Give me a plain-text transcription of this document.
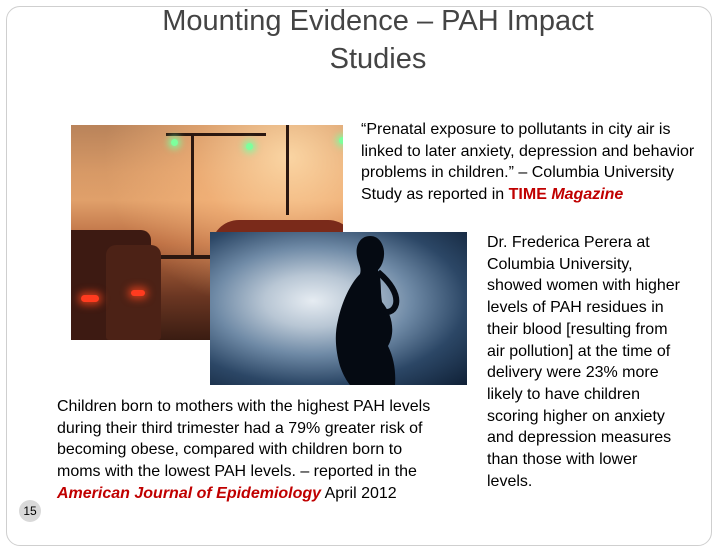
Mounting Evidence – PAH Impact
Studies
“Prenatal exposure to pollutants in city air is linked to later anxiety, depression and behavior problems in children.” – Columbia University Study as reported in TIME Magazine
Dr. Frederica Perera at Columbia University, showed women with higher levels of PAH residues in their blood [resulting from air pollution] at the time of delivery were 23% more likely to have children scoring higher on anxiety and depression measures than those with lower levels.
Children born to mothers with the highest PAH levels during their third trimester had a 79% greater risk of becoming obese, compared with children born to moms with the lowest PAH levels. – reported in the American Journal of Epidemiology April 2012
15
